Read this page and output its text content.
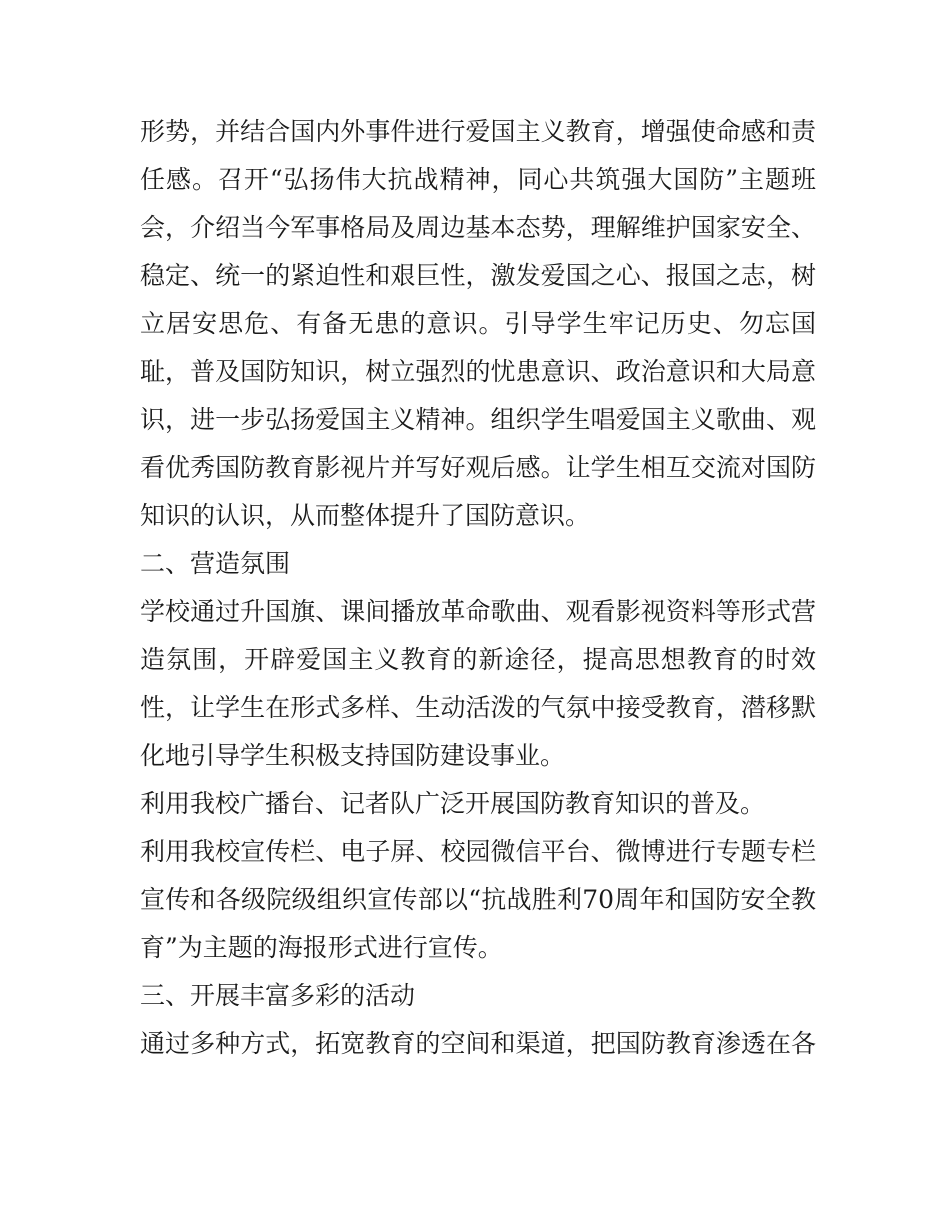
形势，并结合国内外事件进行爱国主义教育，增强使命感和责
任感。召开“弘扬伟大抗战精神，同心共筑强大国防”主题班
会，介绍当今军事格局及周边基本态势，理解维护国家安全、
稳定、统一的紧迫性和艰巨性，激发爱国之心、报国之志，树
立居安思危、有备无患的意识。引导学生牢记历史、勿忘国
耻，普及国防知识，树立强烈的忧患意识、政治意识和大局意
识，进一步弘扬爱国主义精神。组织学生唱爱国主义歌曲、观
看优秀国防教育影视片并写好观后感。让学生相互交流对国防
知识的认识，从而整体提升了国防意识。
二、营造氛围
学校通过升国旗、课间播放革命歌曲、观看影视资料等形式营
造氛围，开辟爱国主义教育的新途径，提高思想教育的时效
性，让学生在形式多样、生动活泼的气氛中接受教育，潜移默
化地引导学生积极支持国防建设事业。
利用我校广播台、记者队广泛开展国防教育知识的普及。
利用我校宣传栏、电子屏、校园微信平台、微博进行专题专栏
宣传和各级院级组织宣传部以“抗战胜利70周年和国防安全教
育”为主题的海报形式进行宣传。
三、开展丰富多彩的活动
通过多种方式，拓宽教育的空间和渠道，把国防教育渗透在各
